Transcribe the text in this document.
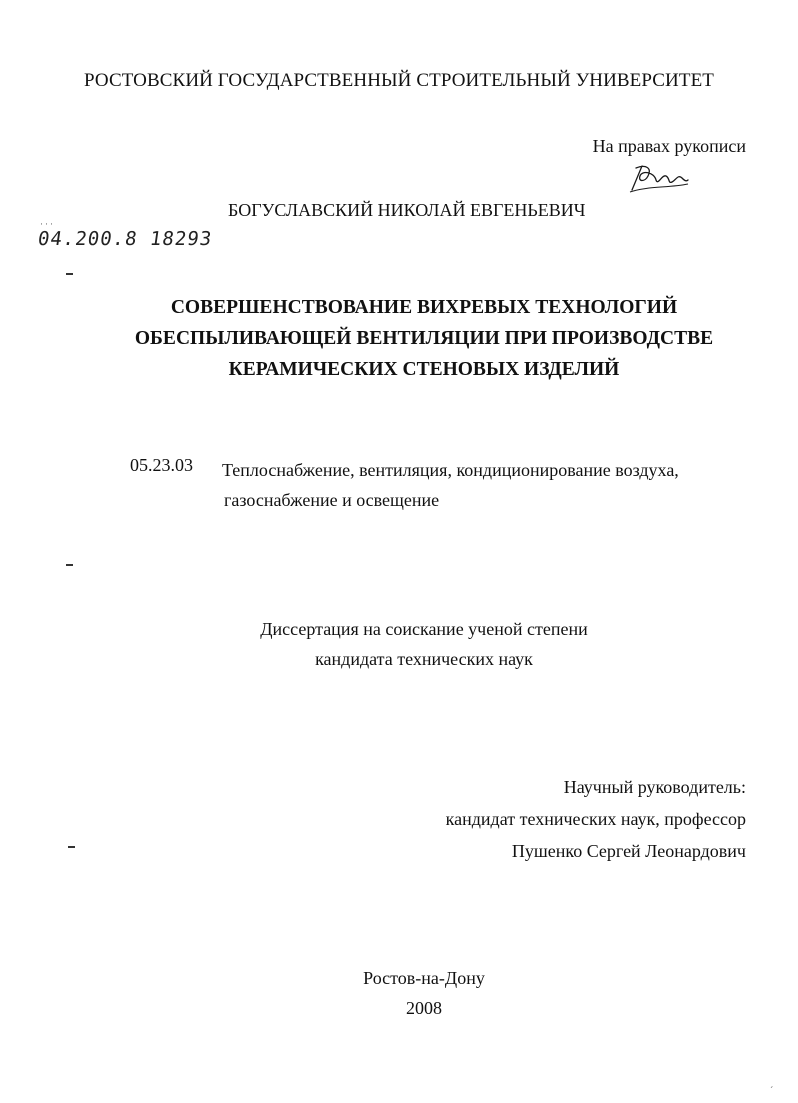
РОСТОВСКИЙ ГОСУДАРСТВЕННЫЙ СТРОИТЕЛЬНЫЙ УНИВЕРСИТЕТ
На правах рукописи
БОГУСЛАВСКИЙ НИКОЛАЙ ЕВГЕНЬЕВИЧ
···
04.200.8 18293
СОВЕРШЕНСТВОВАНИЕ ВИХРЕВЫХ ТЕХНОЛОГИЙ
ОБЕСПЫЛИВАЮЩЕЙ ВЕНТИЛЯЦИИ ПРИ ПРОИЗВОДСТВЕ
КЕРАМИЧЕСКИХ СТЕНОВЫХ ИЗДЕЛИЙ
05.23.03 Теплоснабжение, вентиляция, кондиционирование воздуха,
газоснабжение и освещение
Диссертация на соискание ученой степени
кандидата технических наук
Научный руководитель:
кандидат технических наук, профессор
Пушенко Сергей Леонардович
Ростов-на-Дону
2008
´
